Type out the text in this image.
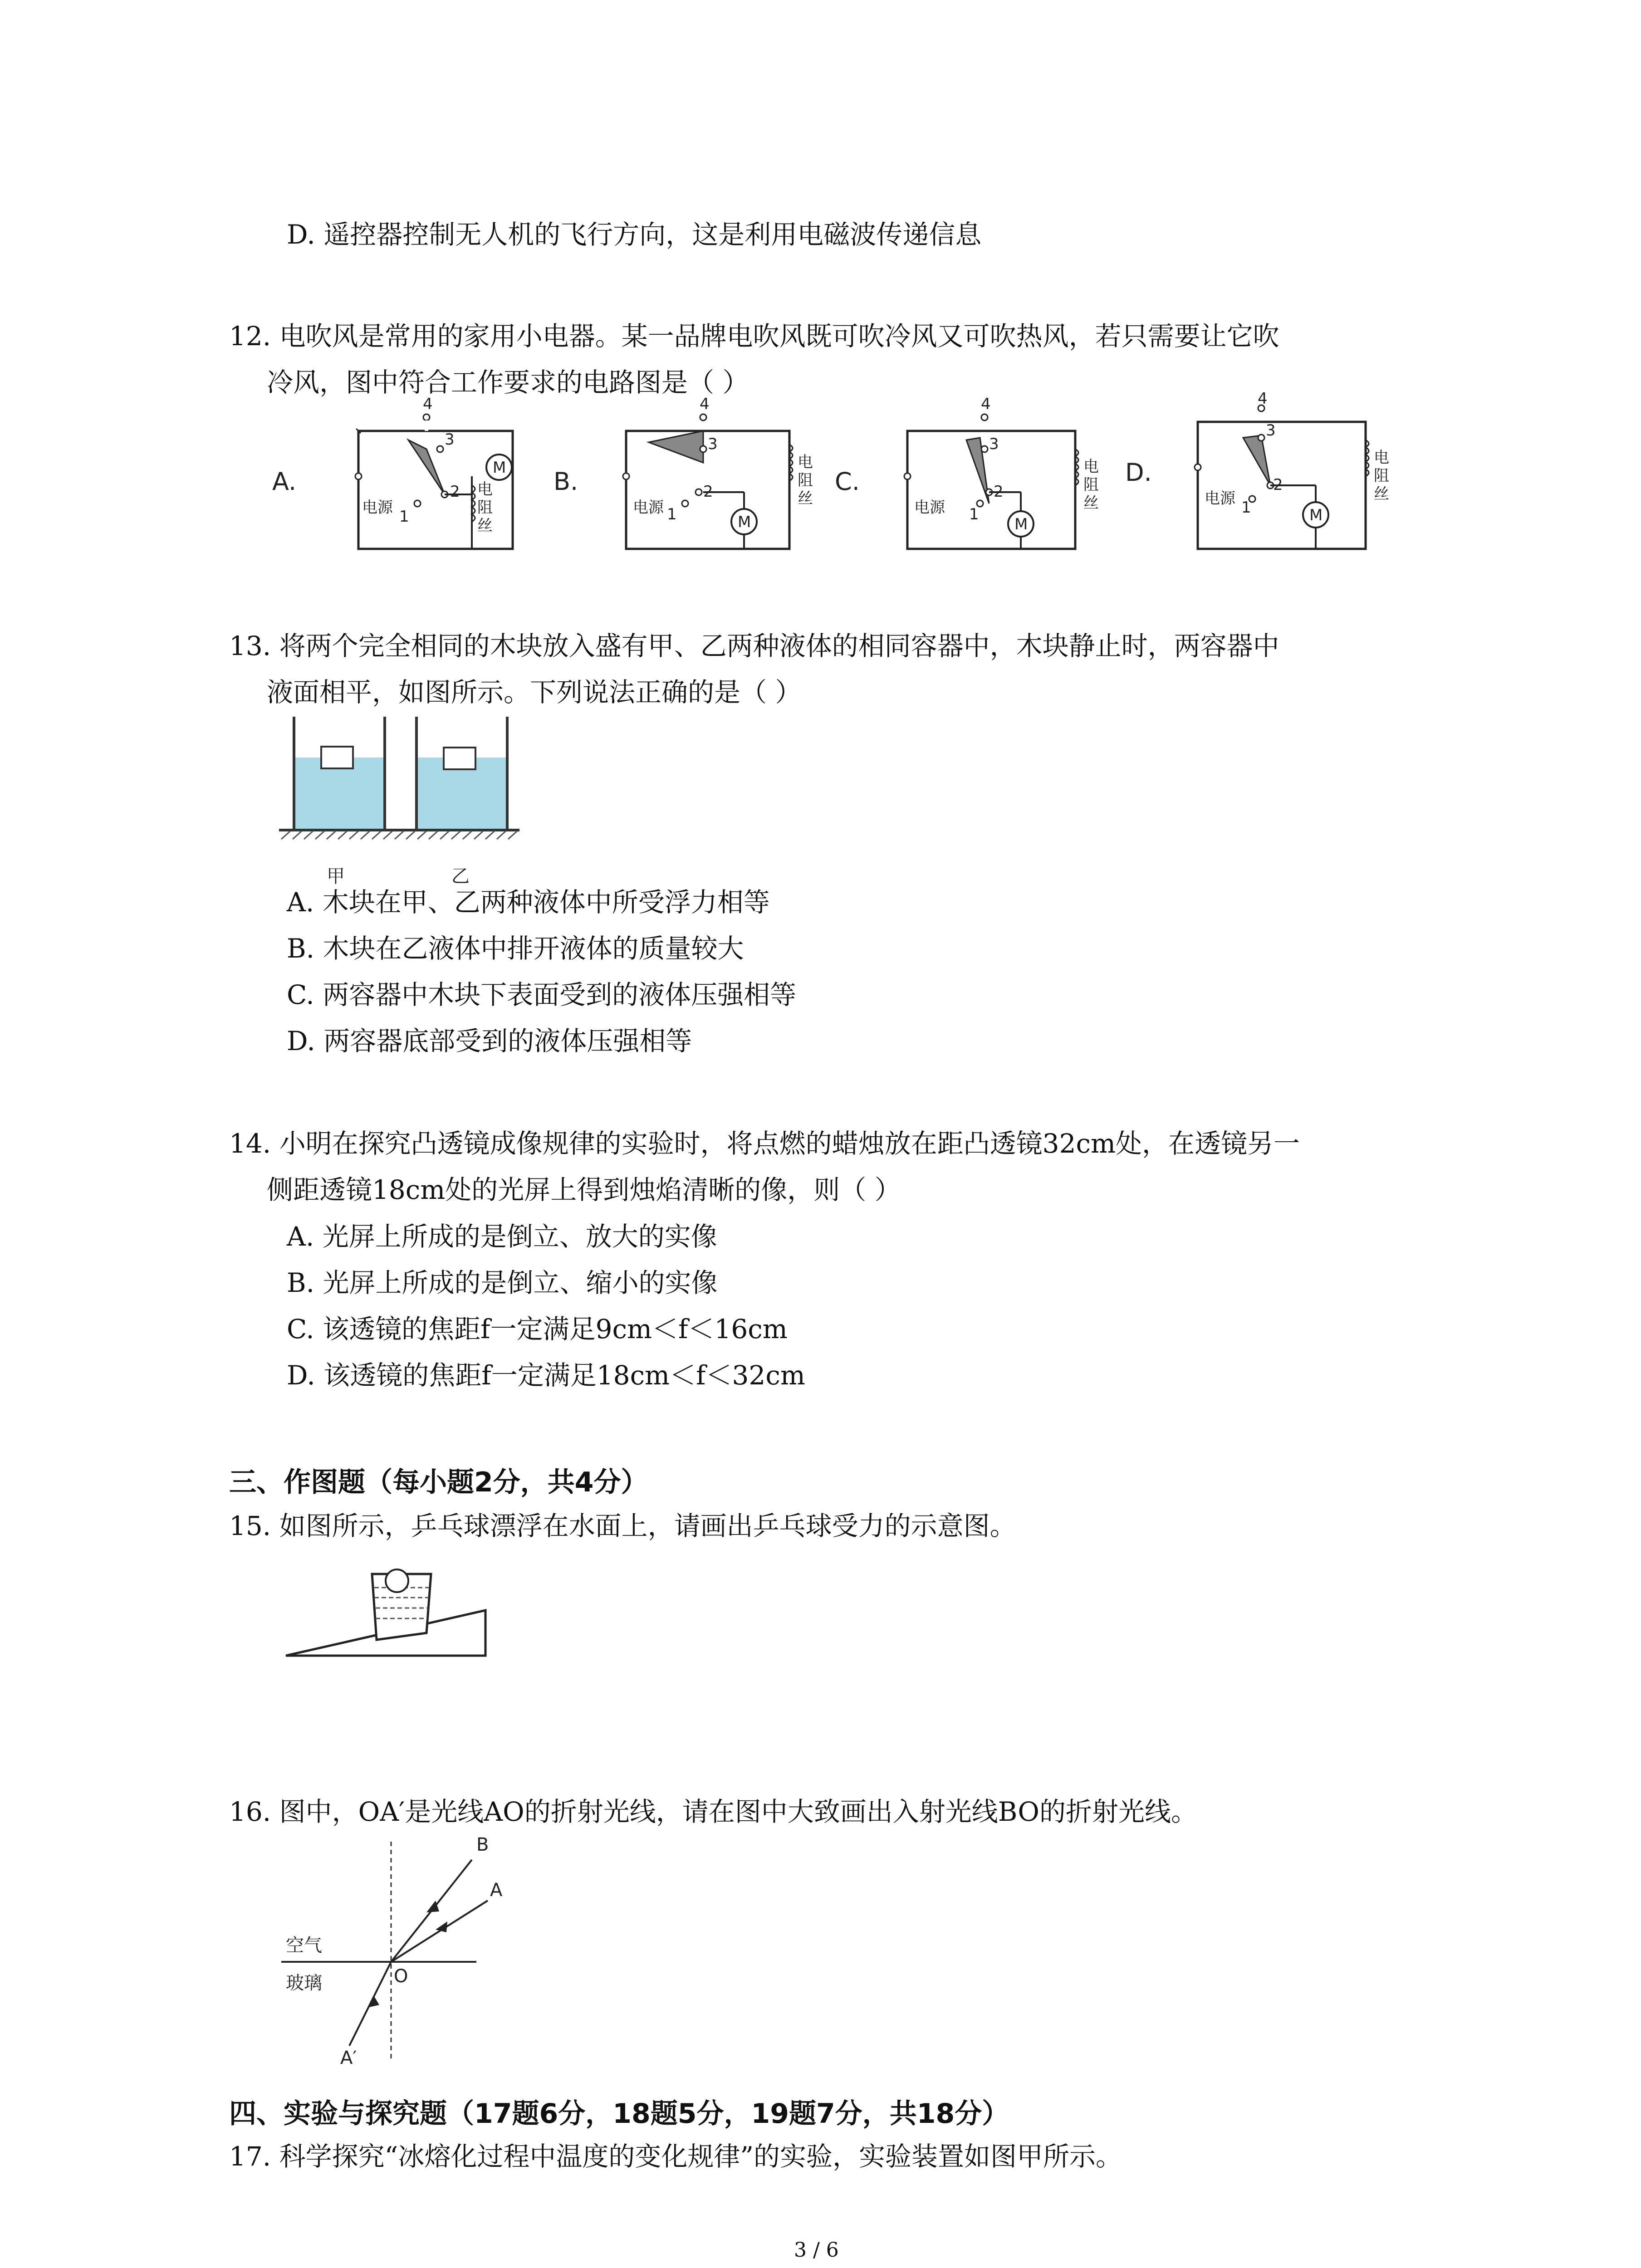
D. 遥控器控制无人机的飞行方向，这是利用电磁波传递信息
12. 电吹风是常用的家用小电器。某一品牌电吹风既可吹冷风又可吹热风，若只需要让它吹
冷风，图中符合工作要求的电路图是（ ）
A.	M
电源 1
2
3
4
电
阻
丝
B.
M
电源 1
2
3
4
电
阻
丝
C.
M
电源 1
2
3
4
电
阻
丝
D.
M
电源 1
2
3
4
电
阻
丝
13. 将两个完全相同的木块放入盛有甲、乙两种液体的相同容器中，木块静止时，两容器中
液面相平，如图所示。下列说法正确的是（ ）
甲	乙
A. 木块在甲、乙两种液体中所受浮力相等
B. 木块在乙液体中排开液体的质量较大
C. 两容器中木块下表面受到的液体压强相等
D. 两容器底部受到的液体压强相等
14. 小明在探究凸透镜成像规律的实验时，将点燃的蜡烛放在距凸透镜32cm处，在透镜另一
侧距透镜18cm处的光屏上得到烛焰清晰的像，则（ ）
A. 光屏上所成的是倒立、放大的实像
B. 光屏上所成的是倒立、缩小的实像
C. 该透镜的焦距f一定满足9cm＜f＜16cm
D. 该透镜的焦距f一定满足18cm＜f＜32cm
三、作图题（每小题2分，共4分）
15. 如图所示，乒乓球漂浮在水面上，请画出乒乓球受力的示意图。
16. 图中，OA′是光线AO的折射光线，请在图中大致画出入射光线BO的折射光线。
B
A
空气
玻璃	O
A′
四、实验与探究题（17题6分，18题5分，19题7分，共18分）
17. 科学探究“冰熔化过程中温度的变化规律”的实验，实验装置如图甲所示。
3 / 6
